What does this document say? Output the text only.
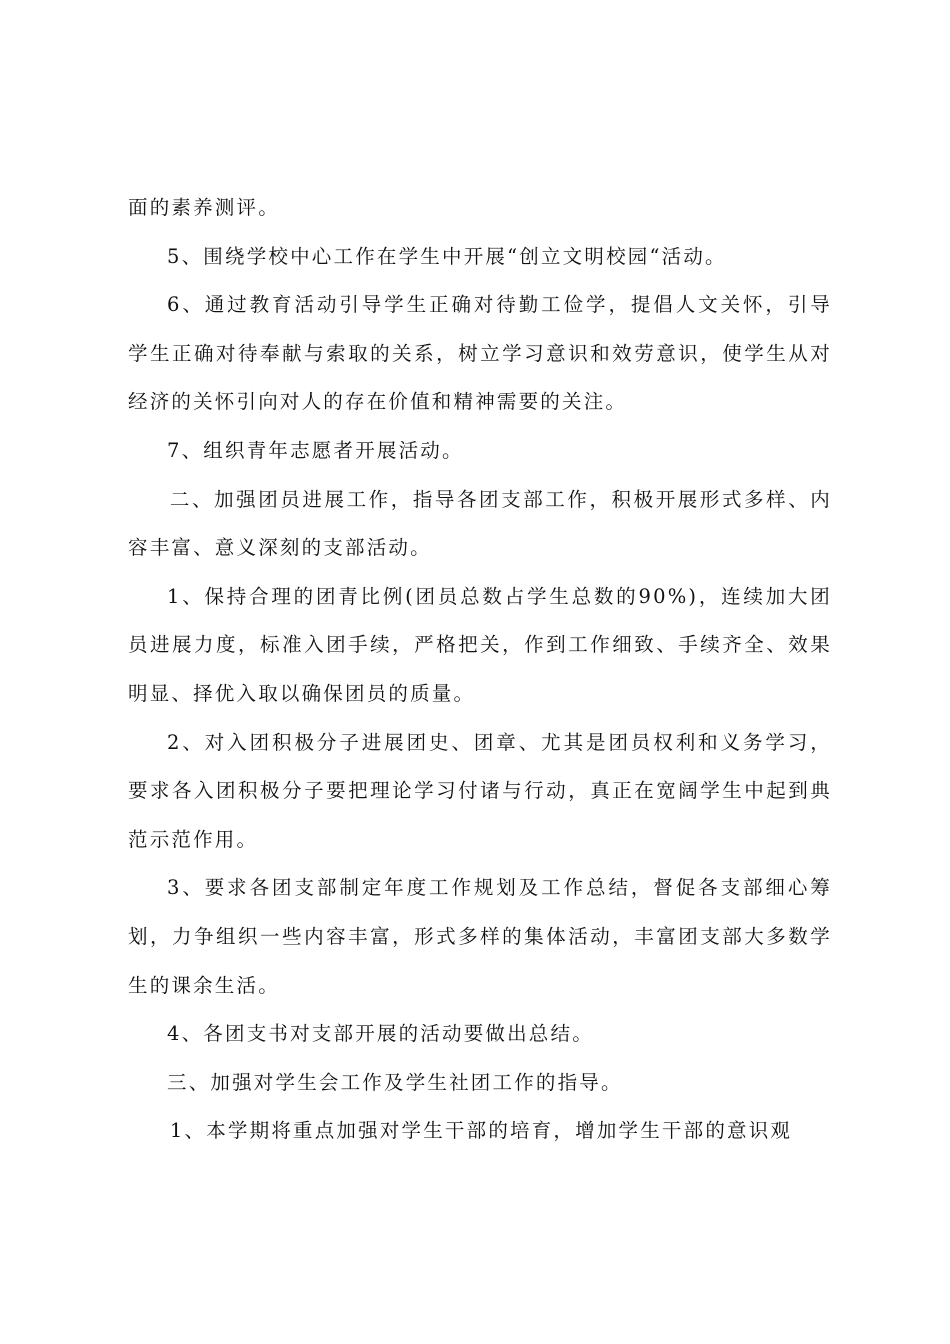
面的素养测评。

5、围绕学校中心工作在学生中开展“创立文明校园“活动。

6、通过教育活动引导学生正确对待勤工俭学，提倡人文关怀，引导学生正确对待奉献与索取的关系，树立学习意识和效劳意识，使学生从对经济的关怀引向对人的存在价值和精神需要的关注。

7、组织青年志愿者开展活动。

二、加强团员进展工作，指导各团支部工作，积极开展形式多样、内容丰富、意义深刻的支部活动。

1、保持合理的团青比例(团员总数占学生总数的90%)，连续加大团员进展力度，标准入团手续，严格把关，作到工作细致、手续齐全、效果明显、择优入取以确保团员的质量。

2、对入团积极分子进展团史、团章、尤其是团员权利和义务学习，要求各入团积极分子要把理论学习付诸与行动，真正在宽阔学生中起到典范示范作用。

3、要求各团支部制定年度工作规划及工作总结，督促各支部细心筹划，力争组织一些内容丰富，形式多样的集体活动，丰富团支部大多数学生的课余生活。

4、各团支书对支部开展的活动要做出总结。

三、加强对学生会工作及学生社团工作的指导。

1、本学期将重点加强对学生干部的培育，增加学生干部的意识观
